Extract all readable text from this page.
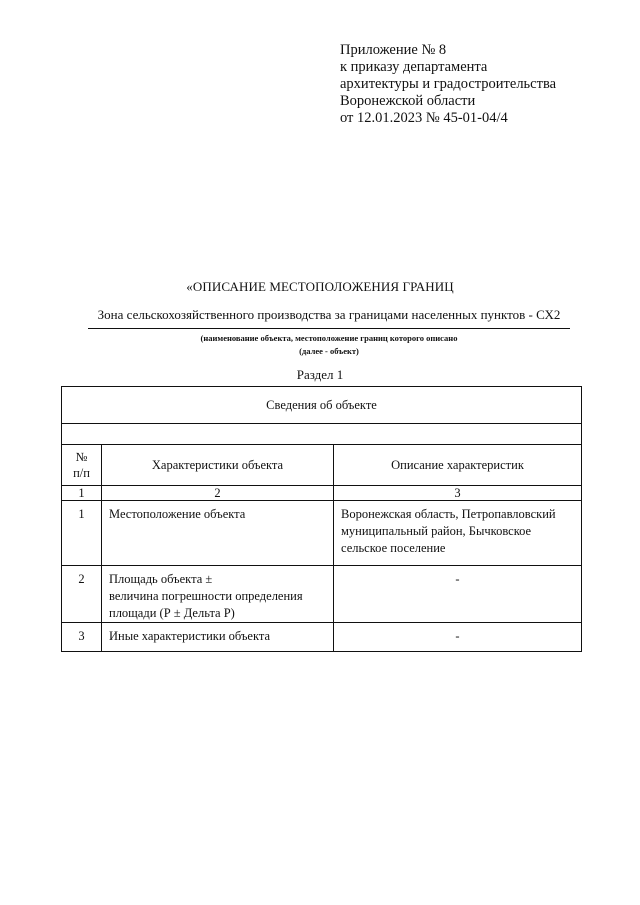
Приложение № 8
к приказу департамента
архитектуры и градостроительства
Воронежской области
от 12.01.2023 № 45-01-04/4
«ОПИСАНИЕ МЕСТОПОЛОЖЕНИЯ ГРАНИЦ
Зона сельскохозяйственного производства за границами населенных пунктов - СХ2
(наименование объекта, местоположение границ которого описано
(далее - объект)
Раздел 1
Сведения об объекте		

№
п/п	Характеристики объекта	Описание характеристик
1	2	3

1	Местоположение объекта	Воронежская область, Петропавловский
муниципальный район, Бычковское
сельское поселение

2	Площадь объекта ±
величина погрешности определения
площади (Р ± Дельта Р)	-

3	Иные характеристики объекта	-
